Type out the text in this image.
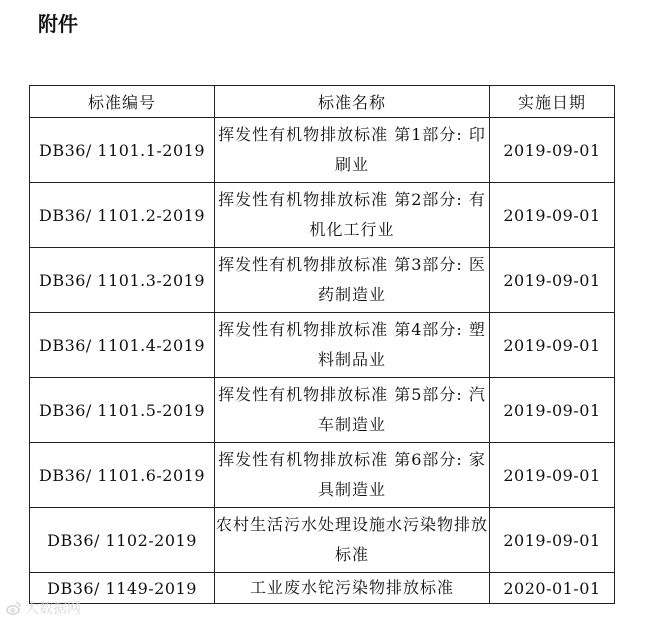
附件
标准编号	标准名称	实施日期
DB36/ 1101.1-2019	挥发性有机物排放标准 第1部分: 印刷业	2019-09-01
DB36/ 1101.2-2019	挥发性有机物排放标准 第2部分: 有机化工行业	2019-09-01
DB36/ 1101.3-2019	挥发性有机物排放标准 第3部分: 医药制造业	2019-09-01
DB36/ 1101.4-2019	挥发性有机物排放标准 第4部分: 塑料制品业	2019-09-01
DB36/ 1101.5-2019	挥发性有机物排放标准 第5部分: 汽车制造业	2019-09-01
DB36/ 1101.6-2019	挥发性有机物排放标准 第6部分: 家具制造业	2019-09-01
DB36/ 1102-2019	农村生活污水处理设施水污染物排放标准	2019-09-01
DB36/ 1149-2019	工业废水铊污染物排放标准	2020-01-01
大数据网
